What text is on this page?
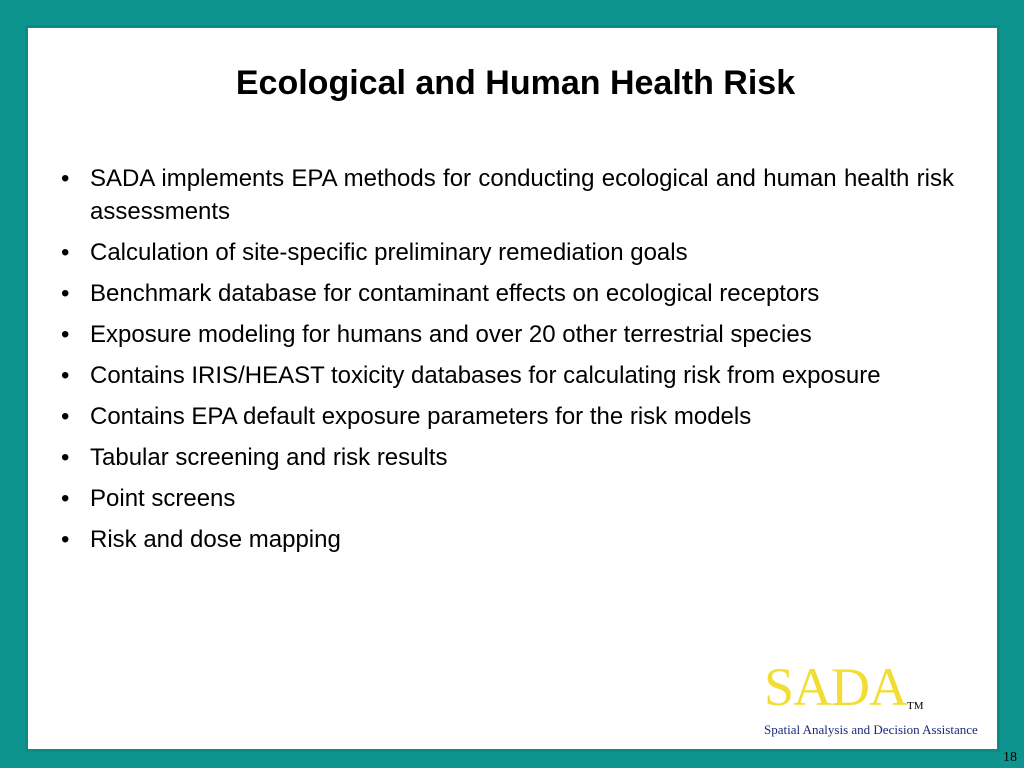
Ecological and Human Health Risk
• SADA implements EPA methods for conducting ecological and human health risk assessments
• Calculation of site-specific preliminary remediation goals
• Benchmark database for contaminant effects on ecological receptors
• Exposure modeling for humans and over 20 other terrestrial species
• Contains IRIS/HEAST toxicity databases for calculating risk from exposure
• Contains EPA default exposure parameters for the risk models
• Tabular screening and risk results
• Point screens
• Risk and dose mapping
SADA TM
Spatial Analysis and Decision Assistance
18
